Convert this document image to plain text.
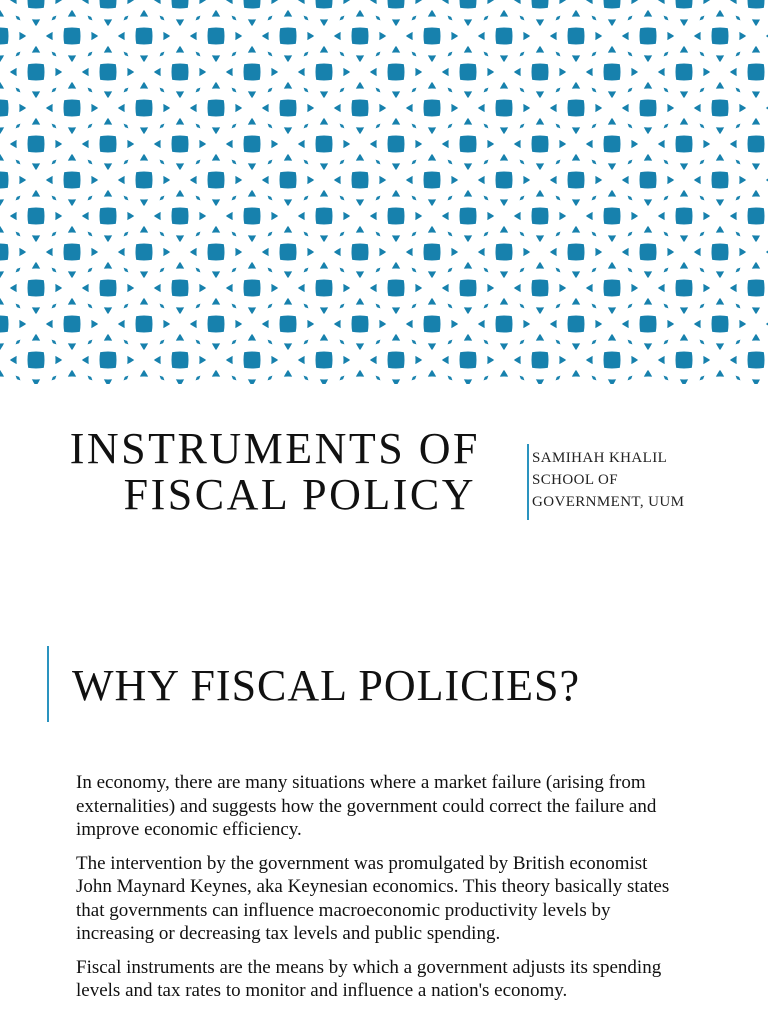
INSTRUMENTS OF
FISCAL POLICY
SAMIHAH KHALIL
SCHOOL OF
GOVERNMENT, UUM
WHY FISCAL POLICIES?

In economy, there are many situations where a market failure (arising from externalities) and suggests how the government could correct the failure and improve economic efficiency.

The intervention by the government was promulgated by British economist John Maynard Keynes, aka Keynesian economics. This theory basically states that governments can influence macroeconomic productivity levels by increasing or decreasing tax levels and public spending.

Fiscal instruments are the means by which a government adjusts its spending levels and tax rates to monitor and influence a nation's economy.
